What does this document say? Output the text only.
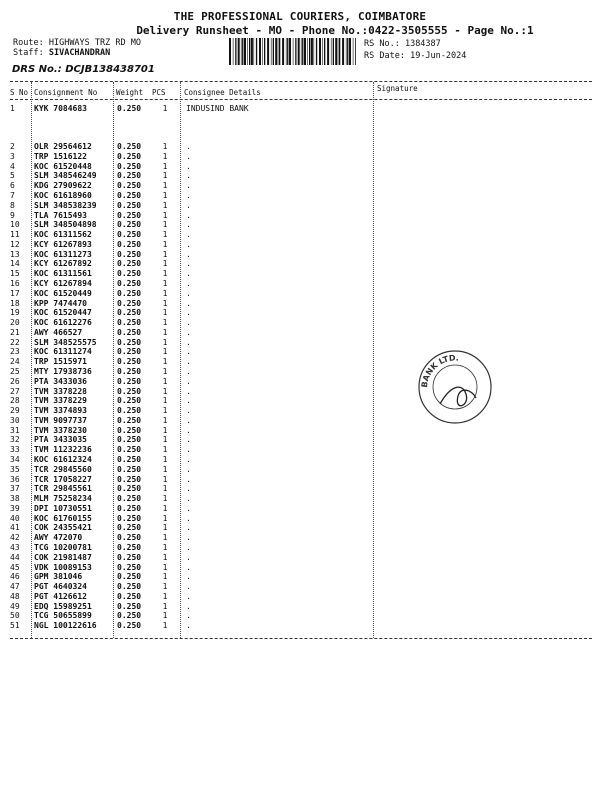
THE PROFESSIONAL COURIERS, COIMBATORE
Delivery Runsheet - MO - Phone No.:0422-3505555 - Page No.:1
Route: HIGHWAYS TRZ RD MO
Staff: SIVACHANDRAN
RS No.: 1384387
RS Date: 19-Jun-2024
DRS No.: DCJB138438701
S No Consignment No	Weight PCS Consignee Details	Signature
1	KYK 7084683	0.250	1	INDUSIND BANK
2	OLR 29564612	0.250	1	.
3	TRP 1516122	0.250	1	.
4	KOC 61520448	0.250	1	.
5	SLM 348546249	0.250	1	.
6	KDG 27909622	0.250	1	.
7	KOC 61618960	0.250	1	.
8	SLM 348538239	0.250	1	.
9	TLA 7615493	0.250	1	.
10	SLM 348504898	0.250	1	.
11	KOC 61311562	0.250	1	.
12	KCY 61267893	0.250	1	.
13	KOC 61311273	0.250	1	.
14	KCY 61267892	0.250	1	.
15	KOC 61311561	0.250	1	.
16	KCY 61267894	0.250	1	.
17	KOC 61520449	0.250	1	.
18	KPP 7474470	0.250	1	.
19	KOC 61520447	0.250	1	.
20	KOC 61612276	0.250	1	.
21	AWY 466527	0.250	1	.
22	SLM 348525575	0.250	1	.
23	KOC 61311274	0.250	1	.
24	TRP 1515971	0.250	1	.
25	MTY 17938736	0.250	1	.
26	PTA 3433036	0.250	1	.
27	TVM 3378228	0.250	1	.
28	TVM 3378229	0.250	1	.
29	TVM 3374893	0.250	1	.
30	TVM 9097737	0.250	1	.
31	TVM 3378230	0.250	1	.
32	PTA 3433035	0.250	1	.
33	TVM 11232236	0.250	1	.
34	KOC 61612324	0.250	1	.
35	TCR 29845560	0.250	1	.
36	TCR 17058227	0.250	1	.
37	TCR 29845561	0.250	1	.
38	MLM 75258234	0.250	1	.
39	DPI 10730551	0.250	1	.
40	KOC 61760155	0.250	1	.
41	COK 24355421	0.250	1	.
42	AWY 472070	0.250	1	.
43	TCG 10200781	0.250	1	.
44	COK 21981487	0.250	1	.
45	VDK 10089153	0.250	1	.
46	GPM 381046	0.250	1	.
47	PGT 4640324	0.250	1	.
48	PGT 4126612	0.250	1	.
49	EDQ 15989251	0.250	1	.
50	TCG 50655899	0.250	1	.
51	NGL 100122616	0.250	1	.
BANK LTD.
